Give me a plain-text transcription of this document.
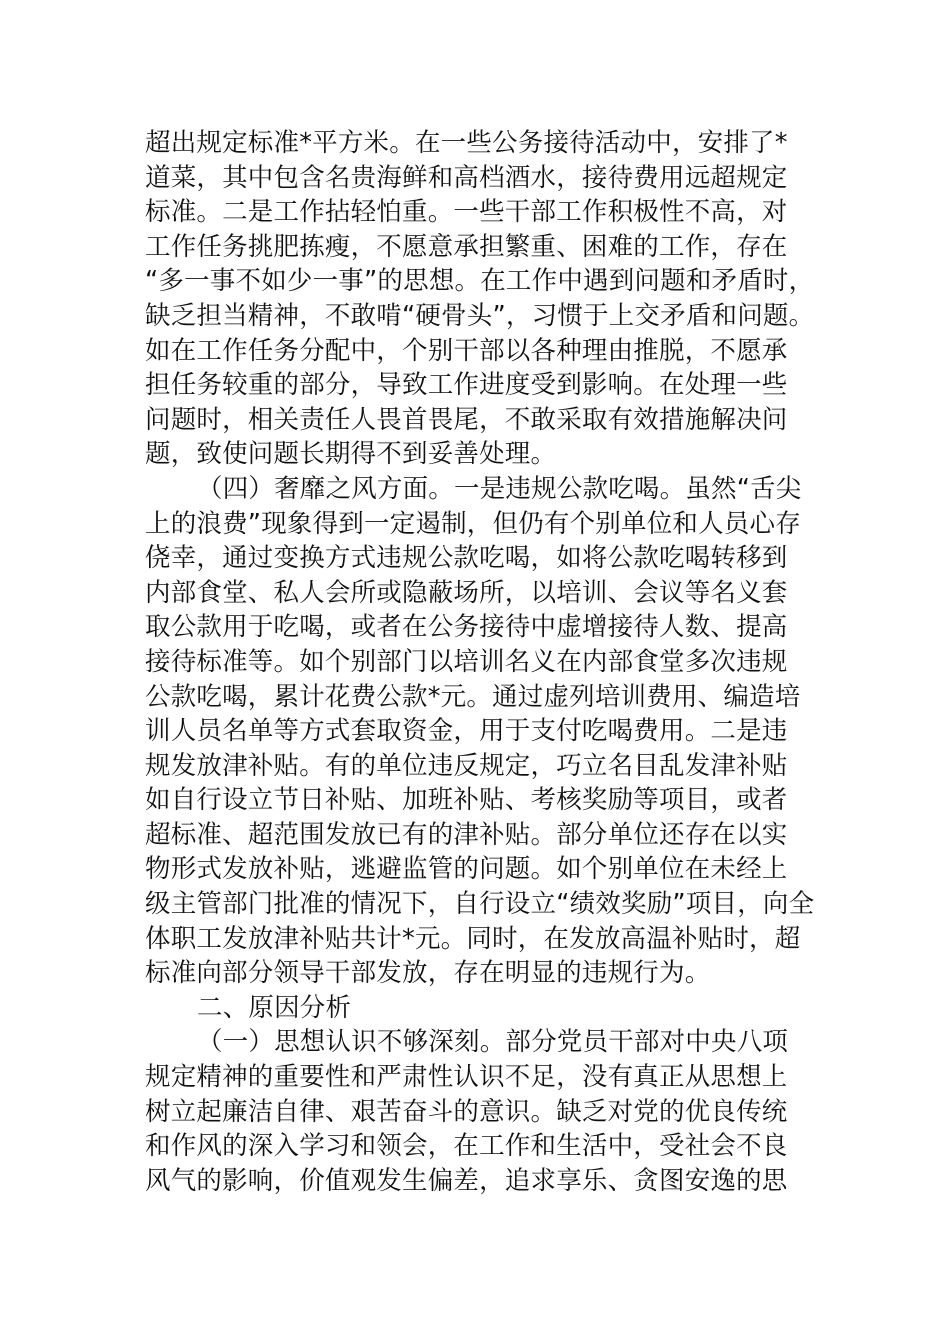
超出规定标准*平方米。在一些公务接待活动中，安排了*
道菜，其中包含名贵海鲜和高档酒水，接待费用远超规定
标准。二是工作拈轻怕重。一些干部工作积极性不高，对
工作任务挑肥拣瘦，不愿意承担繁重、困难的工作，存在
“多一事不如少一事”的思想。在工作中遇到问题和矛盾时，
缺乏担当精神，不敢啃“硬骨头”，习惯于上交矛盾和问题。
如在工作任务分配中，个别干部以各种理由推脱，不愿承
担任务较重的部分，导致工作进度受到影响。在处理一些
问题时，相关责任人畏首畏尾，不敢采取有效措施解决问
题，致使问题长期得不到妥善处理。
（四）奢靡之风方面。一是违规公款吃喝。虽然“舌尖
上的浪费”现象得到一定遏制，但仍有个别单位和人员心存
侥幸，通过变换方式违规公款吃喝，如将公款吃喝转移到
内部食堂、私人会所或隐蔽场所，以培训、会议等名义套
取公款用于吃喝，或者在公务接待中虚增接待人数、提高
接待标准等。如个别部门以培训名义在内部食堂多次违规
公款吃喝，累计花费公款*元。通过虚列培训费用、编造培
训人员名单等方式套取资金，用于支付吃喝费用。二是违
规发放津补贴。有的单位违反规定，巧立名目乱发津补贴
如自行设立节日补贴、加班补贴、考核奖励等项目，或者
超标准、超范围发放已有的津补贴。部分单位还存在以实
物形式发放补贴，逃避监管的问题。如个别单位在未经上
级主管部门批准的情况下，自行设立“绩效奖励”项目，向全
体职工发放津补贴共计*元。同时，在发放高温补贴时，超
标准向部分领导干部发放，存在明显的违规行为。
二、原因分析
（一）思想认识不够深刻。部分党员干部对中央八项
规定精神的重要性和严肃性认识不足，没有真正从思想上
树立起廉洁自律、艰苦奋斗的意识。缺乏对党的优良传统
和作风的深入学习和领会，在工作和生活中，受社会不良
风气的影响，价值观发生偏差，追求享乐、贪图安逸的思
